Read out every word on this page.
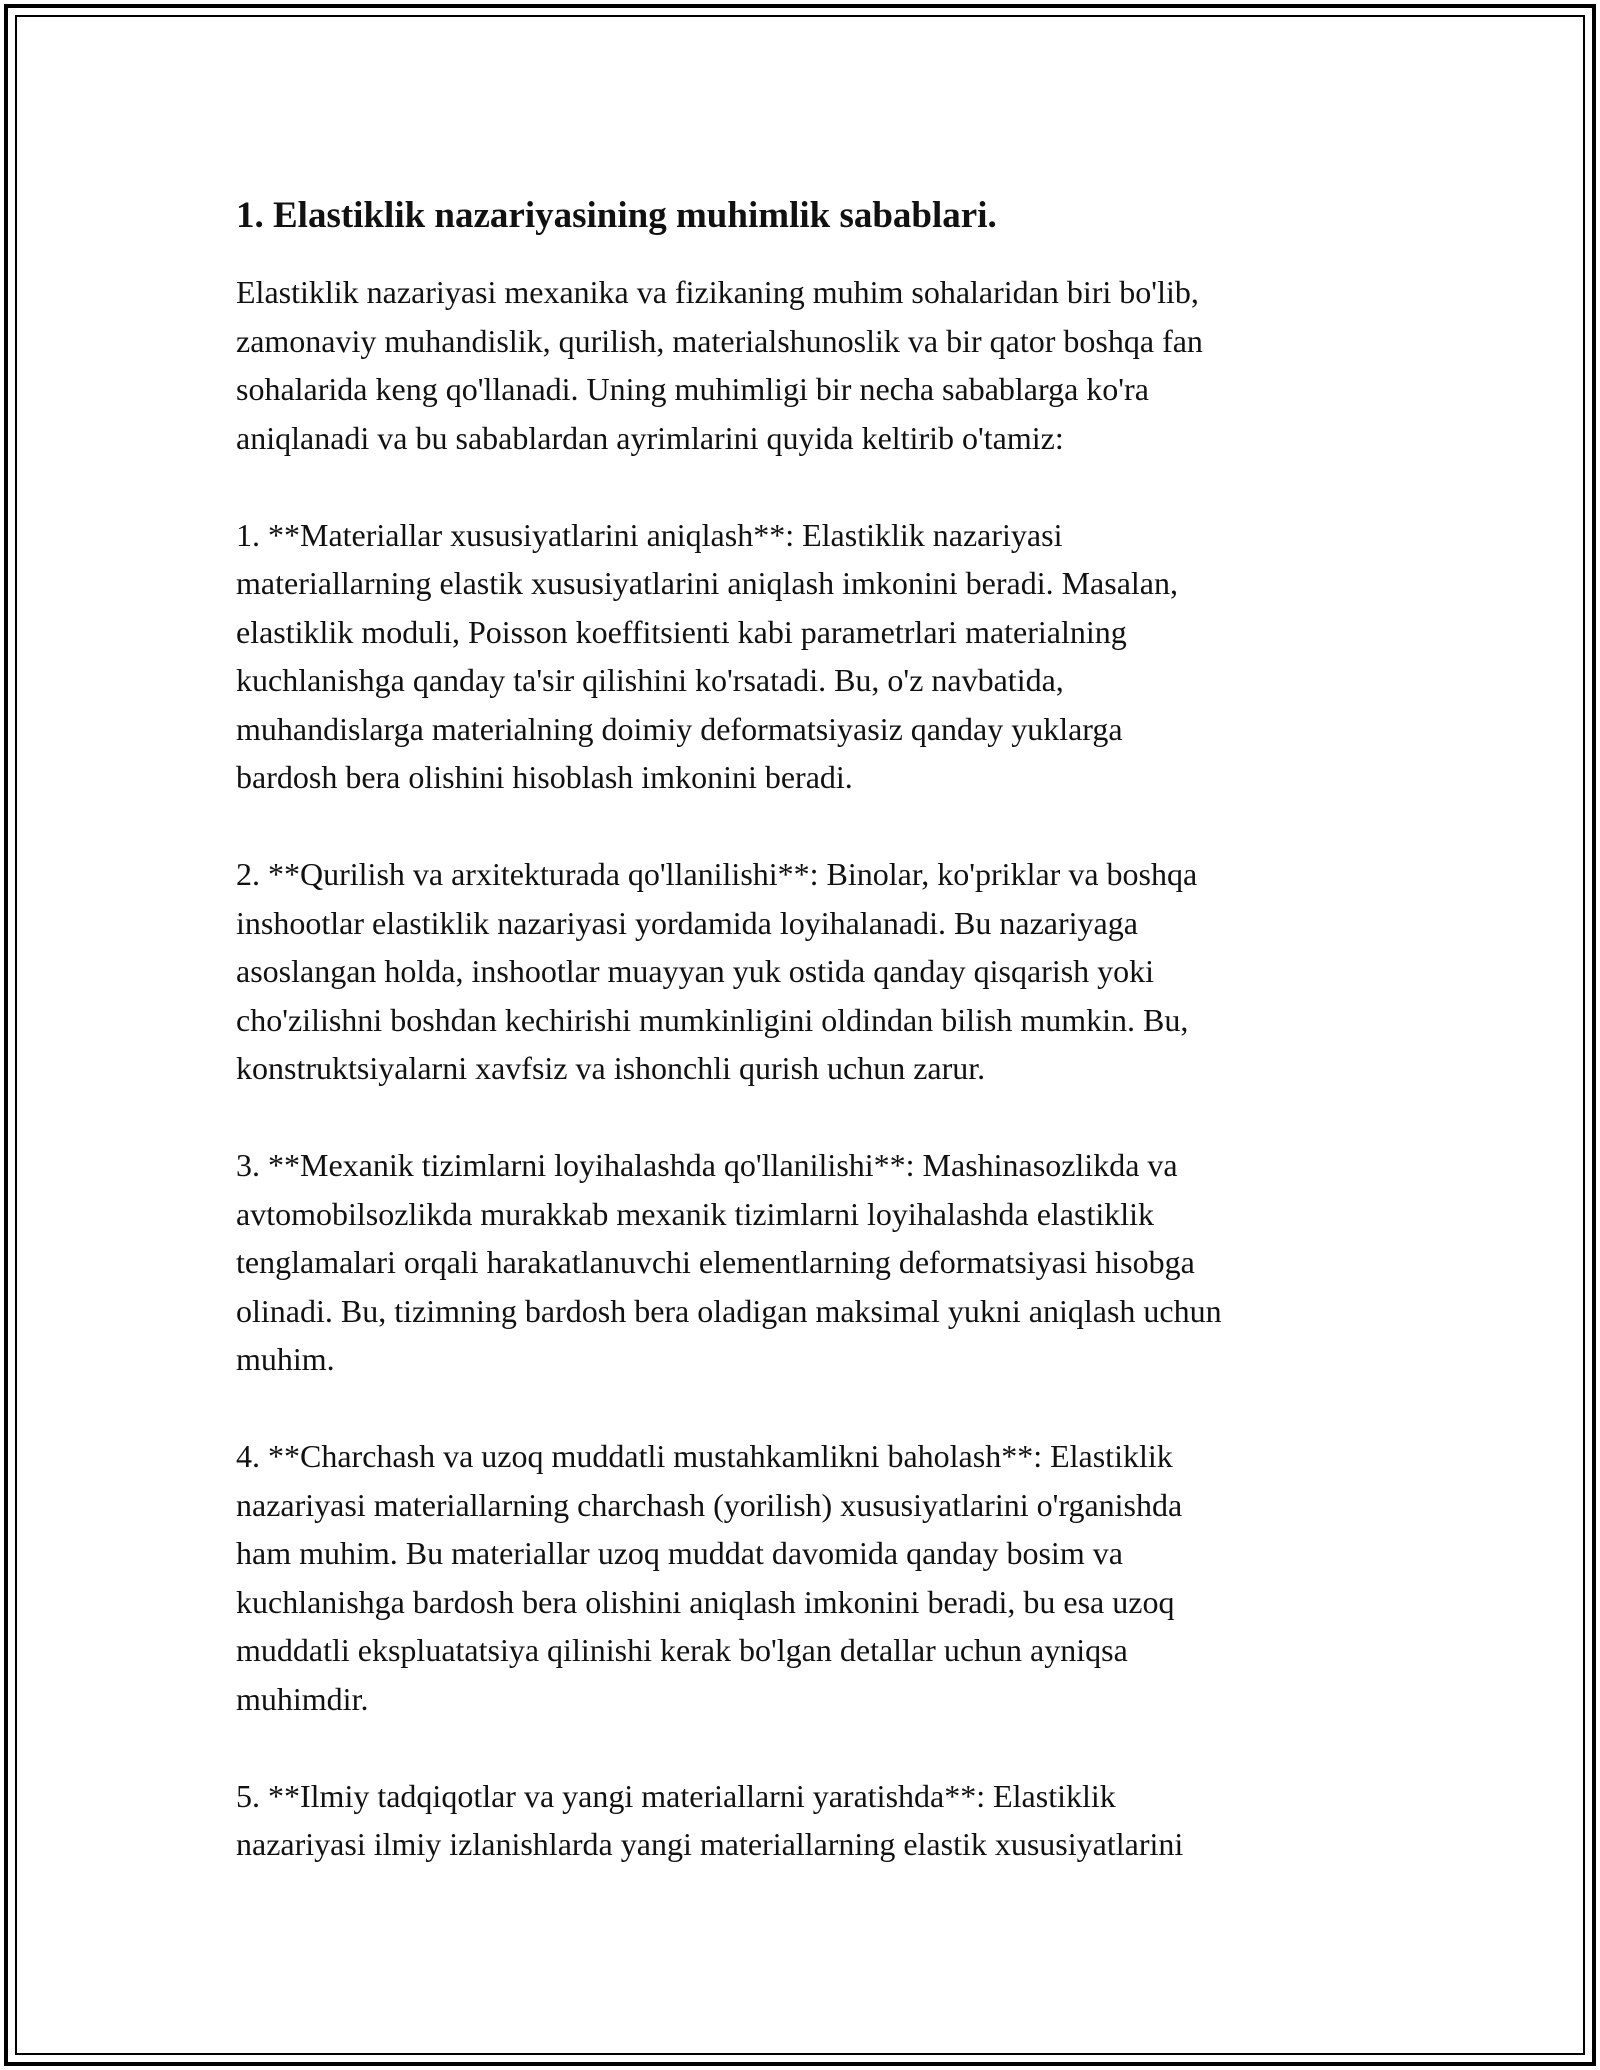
1. Elastiklik nazariyasining muhimlik sabablari.

Elastiklik nazariyasi mexanika va fizikaning muhim sohalaridan biri bo'lib,
zamonaviy muhandislik, qurilish, materialshunoslik va bir qator boshqa fan
sohalarida keng qo'llanadi. Uning muhimligi bir necha sabablarga ko'ra
aniqlanadi va bu sabablardan ayrimlarini quyida keltirib o'tamiz:

1. **Materiallar xususiyatlarini aniqlash**: Elastiklik nazariyasi
materiallarning elastik xususiyatlarini aniqlash imkonini beradi. Masalan,
elastiklik moduli, Poisson koeffitsienti kabi parametrlari materialning
kuchlanishga qanday ta'sir qilishini ko'rsatadi. Bu, o'z navbatida,
muhandislarga materialning doimiy deformatsiyasiz qanday yuklarga
bardosh bera olishini hisoblash imkonini beradi.

2. **Qurilish va arxitekturada qo'llanilishi**: Binolar, ko'priklar va boshqa
inshootlar elastiklik nazariyasi yordamida loyihalanadi. Bu nazariyaga
asoslangan holda, inshootlar muayyan yuk ostida qanday qisqarish yoki
cho'zilishni boshdan kechirishi mumkinligini oldindan bilish mumkin. Bu,
konstruktsiyalarni xavfsiz va ishonchli qurish uchun zarur.

3. **Mexanik tizimlarni loyihalashda qo'llanilishi**: Mashinasozlikda va
avtomobilsozlikda murakkab mexanik tizimlarni loyihalashda elastiklik
tenglamalari orqali harakatlanuvchi elementlarning deformatsiyasi hisobga
olinadi. Bu, tizimning bardosh bera oladigan maksimal yukni aniqlash uchun
muhim.

4. **Charchash va uzoq muddatli mustahkamlikni baholash**: Elastiklik
nazariyasi materiallarning charchash (yorilish) xususiyatlarini o'rganishda
ham muhim. Bu materiallar uzoq muddat davomida qanday bosim va
kuchlanishga bardosh bera olishini aniqlash imkonini beradi, bu esa uzoq
muddatli ekspluatatsiya qilinishi kerak bo'lgan detallar uchun ayniqsa
muhimdir.

5. **Ilmiy tadqiqotlar va yangi materiallarni yaratishda**: Elastiklik
nazariyasi ilmiy izlanishlarda yangi materiallarning elastik xususiyatlarini
